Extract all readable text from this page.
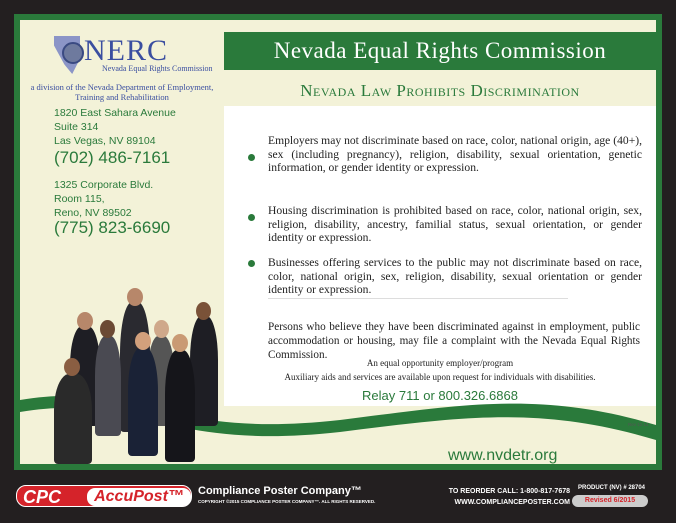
NERC
Nevada Equal Rights Commission
a division of the Nevada Department of Employment, Training and Rehabilitation
1820 East Sahara Avenue
Suite 314
Las Vegas, NV 89104
(702) 486-7161
1325 Corporate Blvd.
Room 115,
Reno, NV 89502
(775) 823-6690
Nevada Equal Rights Commission
Nevada Law Prohibits Discrimination
Employers may not discriminate based on race, color, national origin, age (40+), sex (including pregnancy), religion, disability, sexual orientation, genetic information, or gender identity or expression.
Housing discrimination is prohibited based on race, color, national origin, sex, religion, disability, ancestry, familial status, sexual orientation, or gender identity or expression.
Businesses offering services to the public may not discriminate based on race, color, national origin, sex, religion, disability, sexual orientation or gender identity or expression.
Persons who believe they have been discriminated against in employment, public accommodation or housing, may file a complaint with the Nevada Equal Rights Commission.
An equal opportunity employer/program
Auxiliary aids and services are available upon request for individuals with disabilities.
Relay 711 or 800.326.6868
Rev 12.14
www.nvdetr.org
CPC	AccuPost™	Compliance Poster Company™
COPYRIGHT ©2015 COMPLIANCE POSTER COMPANY™. ALL RIGHTS RESERVED.
TO REORDER CALL: 1-800-817-7678
WWW.COMPLIANCEPOSTER.COM
PRODUCT (NV) # 28704
Revised 6/2015
